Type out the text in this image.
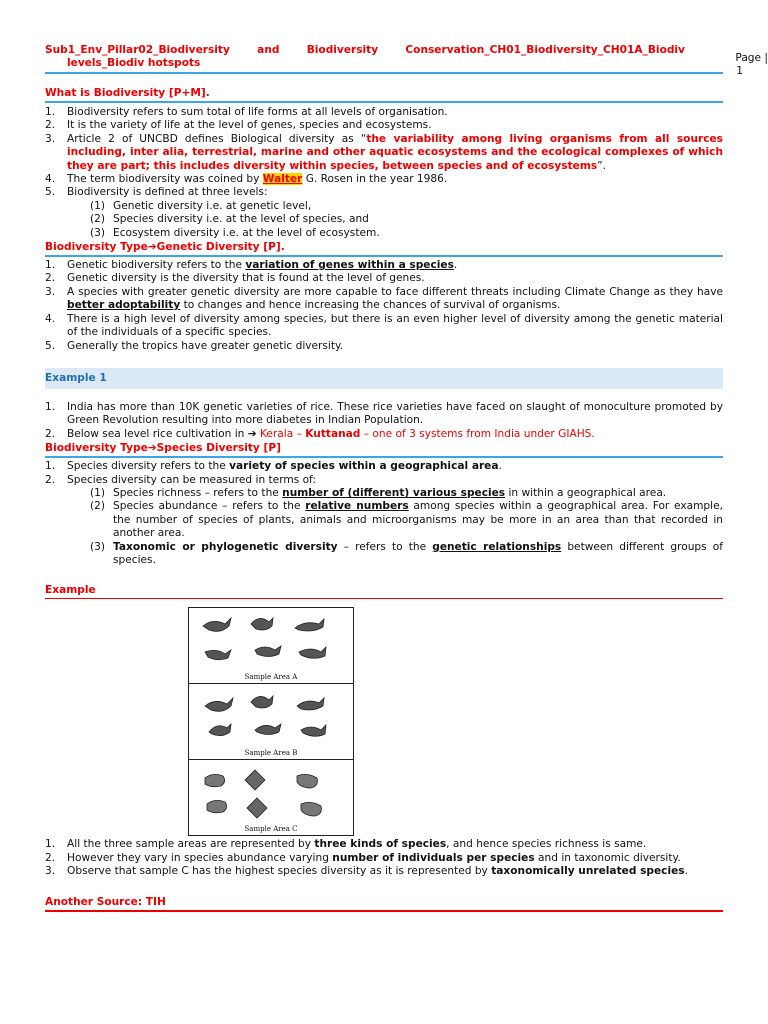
Sub1_Env_Pillar02_Biodiversity	and	Biodiversity	Conservation_CH01_Biodiversity_CH01A_Biodiv
levels_Biodiv hotspots	Page |
1
What is Biodiversity [P+M].
1. Biodiversity refers to sum total of life forms at all levels of organisation.
2. It is the variety of life at the level of genes, species and ecosystems.
3. Article 2 of UNCBD defines Biological diversity as “the variability among living organisms from all sources including, inter alia, terrestrial, marine and other aquatic ecosystems and the ecological complexes of which they are part; this includes diversity within species, between species and of ecosystems”.
4. The term biodiversity was coined by Walter G. Rosen in the year 1986.
5. Biodiversity is defined at three levels:
(1) Genetic diversity i.e. at genetic level,
(2) Species diversity i.e. at the level of species, and
(3) Ecosystem diversity i.e. at the level of ecosystem.
Biodiversity Type➔Genetic Diversity [P].
1. Genetic biodiversity refers to the variation of genes within a species.
2. Genetic diversity is the diversity that is found at the level of genes.
3. A species with greater genetic diversity are more capable to face different threats including Climate Change as they have better adoptability to changes and hence increasing the chances of survival of organisms.
4. There is a high level of diversity among species, but there is an even higher level of diversity among the genetic material of the individuals of a specific species.
5. Generally the tropics have greater genetic diversity.
Example 1
1. India has more than 10K genetic varieties of rice. These rice varieties have faced on slaught of monoculture promoted by Green Revolution resulting into more diabetes in Indian Population.
2. Below sea level rice cultivation in ➔ Kerala – Kuttanad – one of 3 systems from India under GIAHS.
Biodiversity Type➔Species Diversity [P]
1. Species diversity refers to the variety of species within a geographical area.
2. Species diversity can be measured in terms of:
(1) Species richness – refers to the number of (different) various species in within a geographical area.
(2) Species abundance – refers to the relative numbers among species within a geographical area. For example, the number of species of plants, animals and microorganisms may be more in an area than that recorded in another area.
(3) Taxonomic or phylogenetic diversity – refers to the genetic relationships between different groups of species.
Example
Sample Area A
Sample Area B
Sample Area C
1. All the three sample areas are represented by three kinds of species, and hence species richness is same.
2. However they vary in species abundance varying number of individuals per species and in taxonomic diversity.
3. Observe that sample C has the highest species diversity as it is represented by taxonomically unrelated species.
Another Source: TIH
